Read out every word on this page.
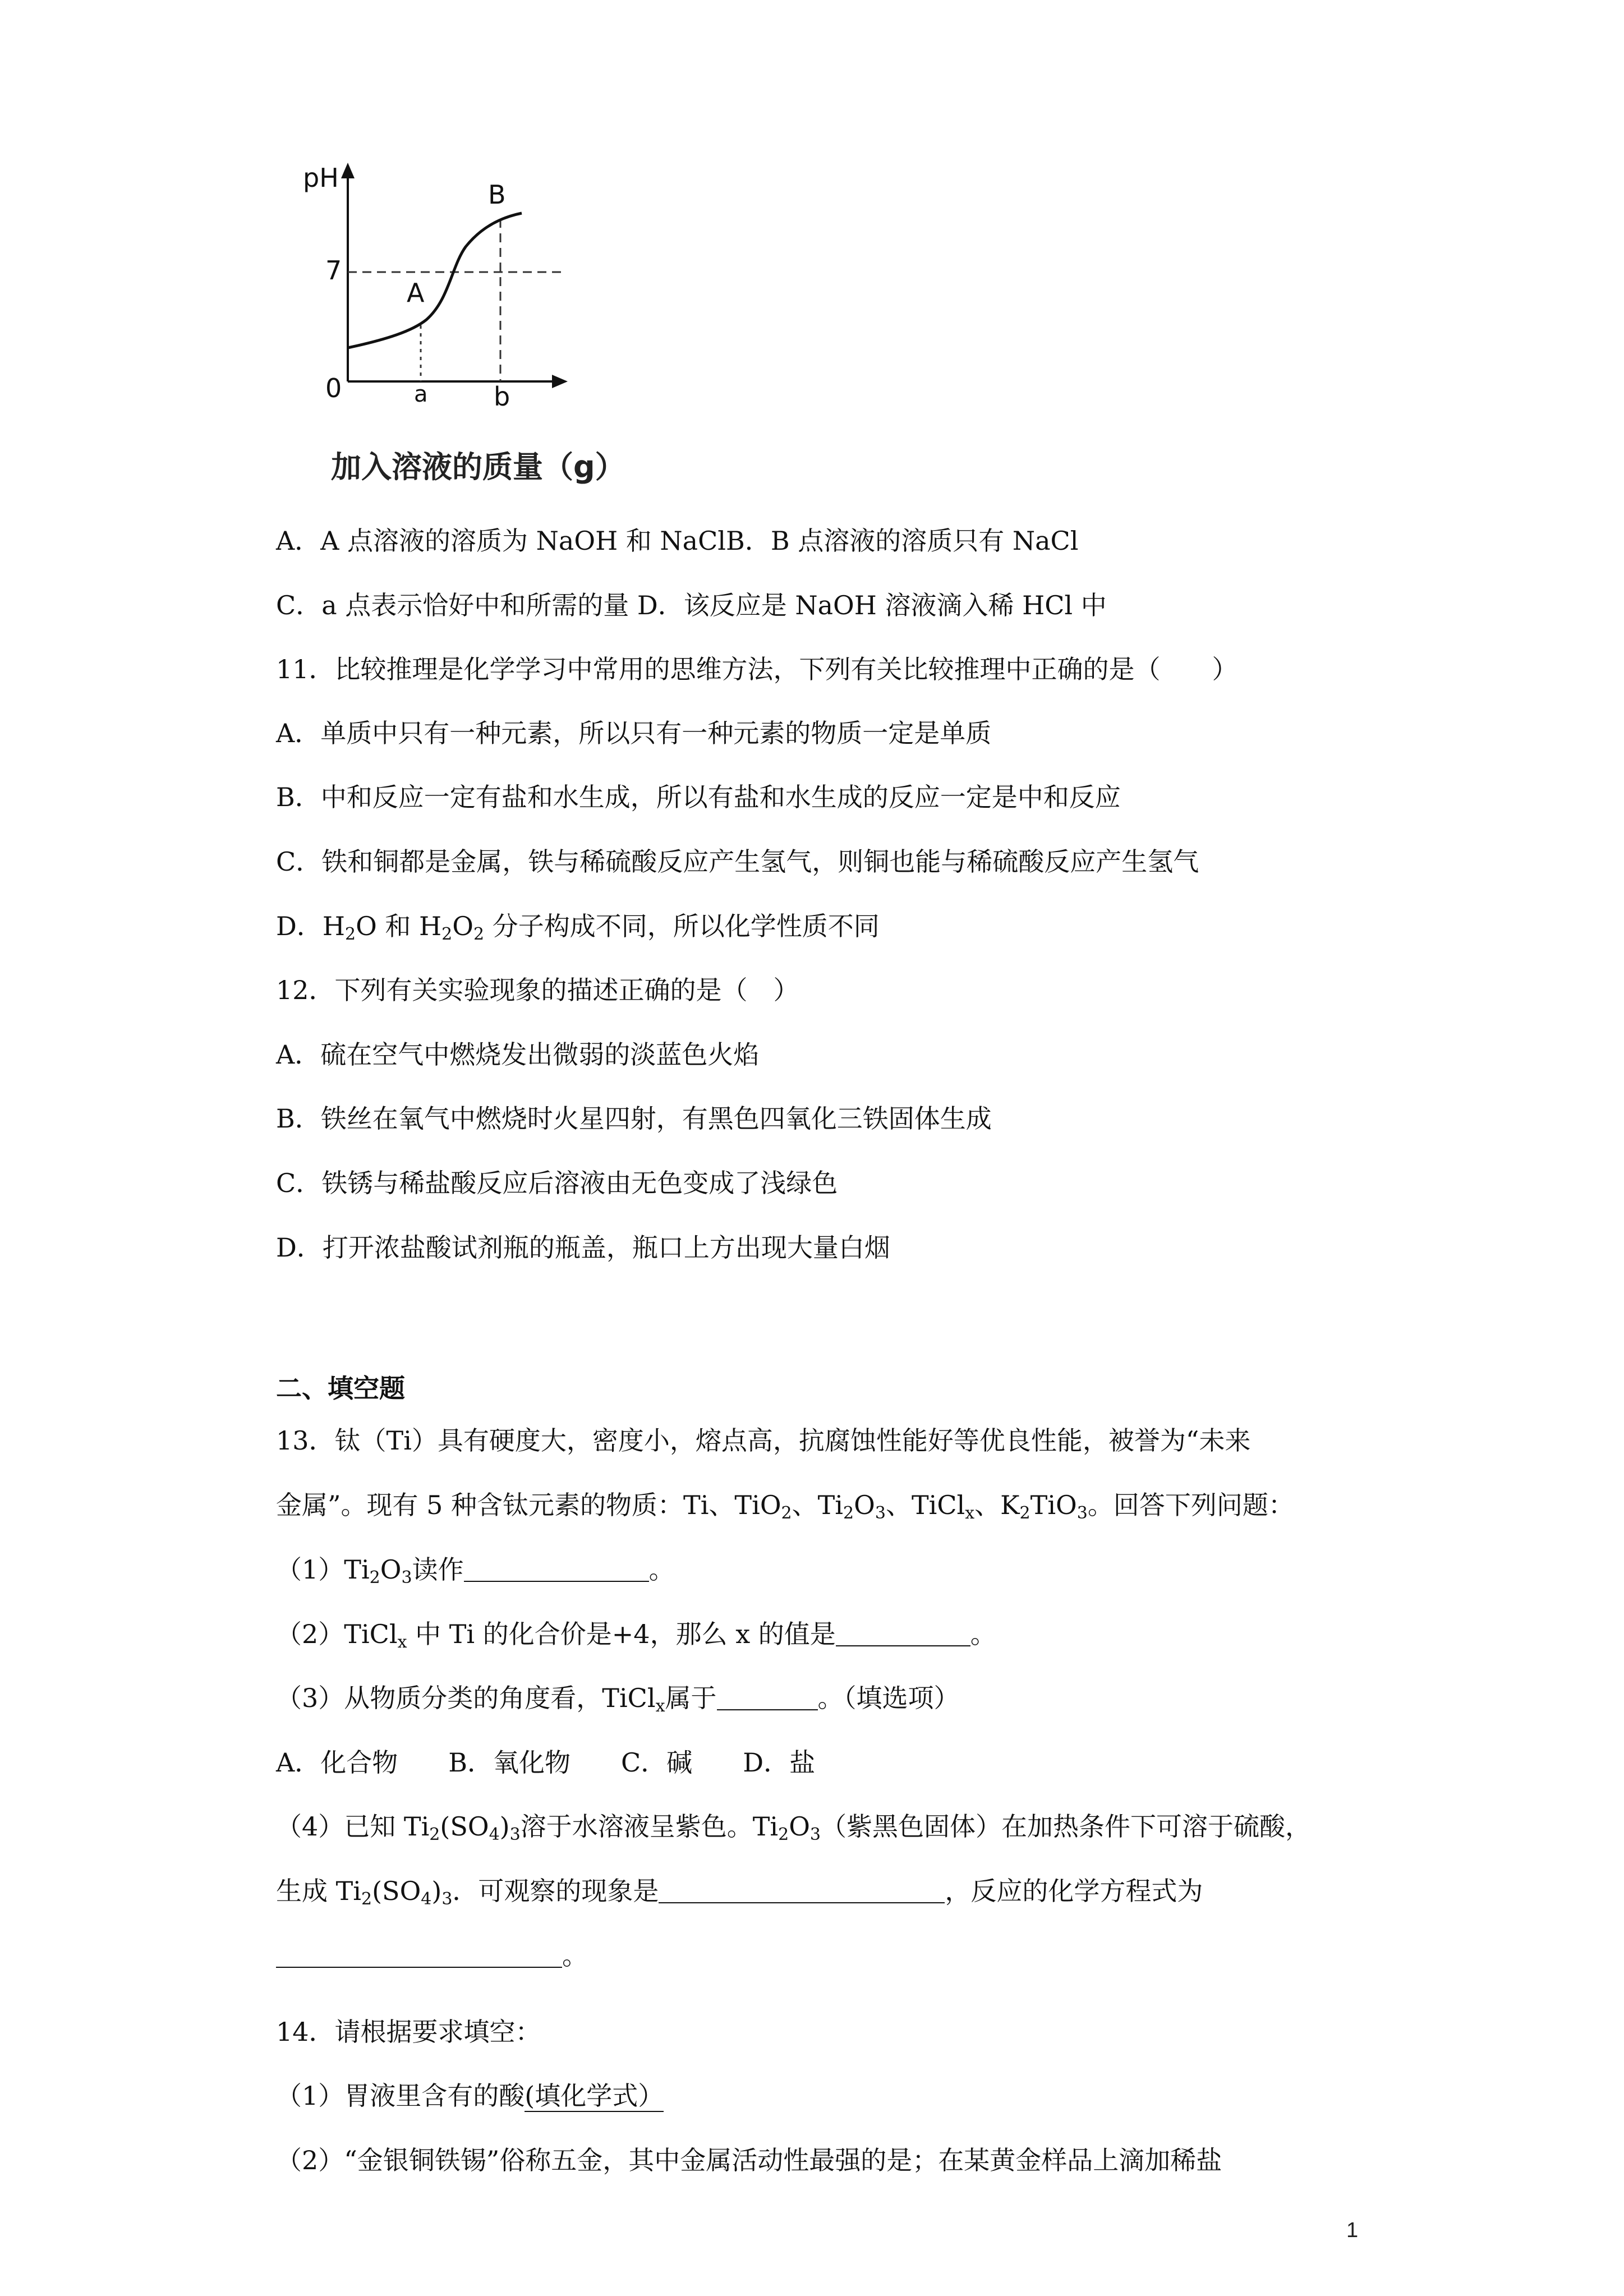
pH
7
0	a	b
A
B
加入溶液的质量（g）
A．A 点溶液的溶质为 NaOH 和 NaClB．B 点溶液的溶质只有 NaCl
C．a 点表示恰好中和所需的量 D．该反应是 NaOH 溶液滴入稀 HCl 中
11．比较推理是化学学习中常用的思维方法，下列有关比较推理中正确的是（　　）
A．单质中只有一种元素，所以只有一种元素的物质一定是单质
B．中和反应一定有盐和水生成，所以有盐和水生成的反应一定是中和反应
C．铁和铜都是金属，铁与稀硫酸反应产生氢气，则铜也能与稀硫酸反应产生氢气
D．$H_2O$ 和 $H_2O_2$ 分子构成不同，所以化学性质不同
12．下列有关实验现象的描述正确的是（　）
A．硫在空气中燃烧发出微弱的淡蓝色火焰
B．铁丝在氧气中燃烧时火星四射，有黑色四氧化三铁固体生成
C．铁锈与稀盐酸反应后溶液由无色变成了浅绿色
D．打开浓盐酸试剂瓶的瓶盖，瓶口上方出现大量白烟
二、填空题
13．钛（Ti）具有硬度大，密度小，熔点高，抗腐蚀性能好等优良性能，被誉为“未来
金属”。现有 5 种含钛元素的物质：Ti、TiO$_2$、$Ti_2O_3$、TiCl$_x$、$K_2TiO_3$。回答下列问题：
$(1)Ti_2O_3$读作	。
（2）TiCl$_x$ 中 Ti 的化合价是+4，那么 x 的值是	。
（3）从物质分类的角度看，TiCl$_x$属于	。（填选项）
A．化合物 B．氧化物 C．碱 D．盐
（4）已知 $Ti_2(SO_4)_3$溶于水溶液呈紫色。$Ti_2O_3$（紫黑色固体）在加热条件下可溶于硫酸，
生成 $Ti_2(SO_4)_3$．可观察的现象是	，反应的化学方程式为
。
14．请根据要求填空：
（1）胃液里含有的酸(填化学式）
（2）“金银铜铁锡”俗称五金，其中金属活动性最强的是；在某黄金样品上滴加稀盐
1
